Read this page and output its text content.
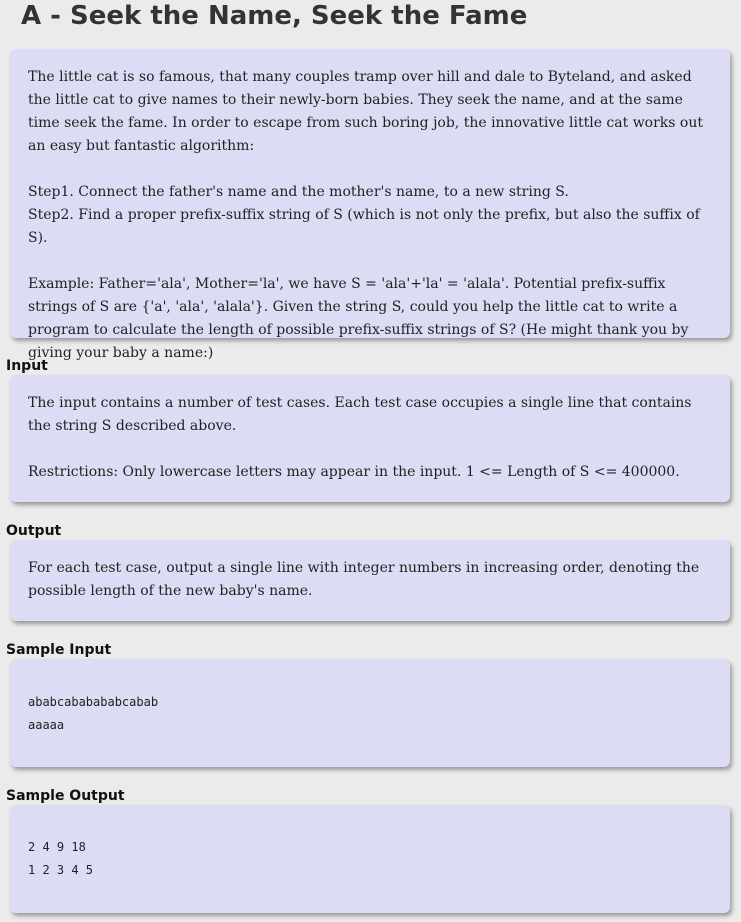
A - Seek the Name, Seek the Fame

The little cat is so famous, that many couples tramp over hill and dale to Byteland, and asked the little cat to give names to their newly-born babies. They seek the name, and at the same time seek the fame. In order to escape from such boring job, the innovative little cat works out an easy but fantastic algorithm:

Step1. Connect the father's name and the mother's name, to a new string S.

Step2. Find a proper prefix-suffix string of S (which is not only the prefix, but also the suffix of S).

Example: Father='ala', Mother='la', we have S = 'ala'+'la' = 'alala'. Potential prefix-suffix strings of S are {'a', 'ala', 'alala'}. Given the string S, could you help the little cat to write a program to calculate the length of possible prefix-suffix strings of S? (He might thank you by giving your baby a name:)

Input

The input contains a number of test cases. Each test case occupies a single line that contains the string S described above.

Restrictions: Only lowercase letters may appear in the input. 1 <= Length of S <= 400000.

Output

For each test case, output a single line with integer numbers in increasing order, denoting the possible length of the new baby's name.

Sample Input
ababcababababcabab
aaaaa
Sample Output
2 4 9 18
1 2 3 4 5
